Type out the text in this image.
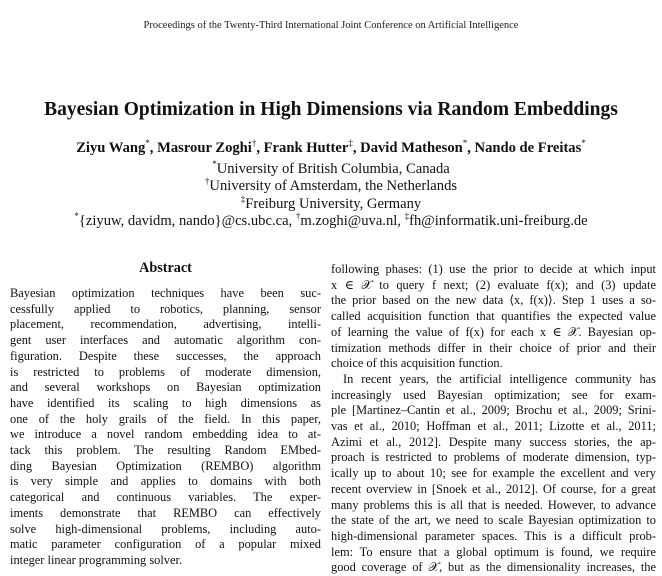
Proceedings of the Twenty-Third International Joint Conference on Artificial Intelligence
Bayesian Optimization in High Dimensions via Random Embeddings
Ziyu Wang*, Masrour Zoghi†, Frank Hutter‡, David Matheson*, Nando de Freitas*
*University of British Columbia, Canada
†University of Amsterdam, the Netherlands
‡Freiburg University, Germany
*{ziyuw, davidm, nando}@cs.ubc.ca, †m.zoghi@uva.nl, ‡fh@informatik.uni-freiburg.de
Abstract
Bayesian optimization techniques have been suc-
cessfully applied to robotics, planning, sensor
placement, recommendation, advertising, intelli-
gent user interfaces and automatic algorithm con-
figuration. Despite these successes, the approach
is restricted to problems of moderate dimension,
and several workshops on Bayesian optimization
have identified its scaling to high dimensions as
one of the holy grails of the field. In this paper,
we introduce a novel random embedding idea to at-
tack this problem. The resulting Random EMbed-
ding Bayesian Optimization (REMBO) algorithm
is very simple and applies to domains with both
categorical and continuous variables. The exper-
iments demonstrate that REMBO can effectively
solve high-dimensional problems, including auto-
matic parameter configuration of a popular mixed
integer linear programming solver.
following phases: (1) use the prior to decide at which input
x ∈ 𝒳 to query f next; (2) evaluate f(x); and (3) update
the prior based on the new data ⟨x, f(x)⟩. Step 1 uses a so-
called acquisition function that quantifies the expected value
of learning the value of f(x) for each x ∈ 𝒳. Bayesian op-
timization methods differ in their choice of prior and their
choice of this acquisition function.
In recent years, the artificial intelligence community has
increasingly used Bayesian optimization; see for exam-
ple [Martinez–Cantin et al., 2009; Brochu et al., 2009; Srini-
vas et al., 2010; Hoffman et al., 2011; Lizotte et al., 2011;
Azimi et al., 2012]. Despite many success stories, the ap-
proach is restricted to problems of moderate dimension, typ-
ically up to about 10; see for example the excellent and very
recent overview in [Snoek et al., 2012]. Of course, for a great
many problems this is all that is needed. However, to advance
the state of the art, we need to scale Bayesian optimization to
high-dimensional parameter spaces. This is a difficult prob-
lem: To ensure that a global optimum is found, we require
good coverage of 𝒳, but as the dimensionality increases, the
